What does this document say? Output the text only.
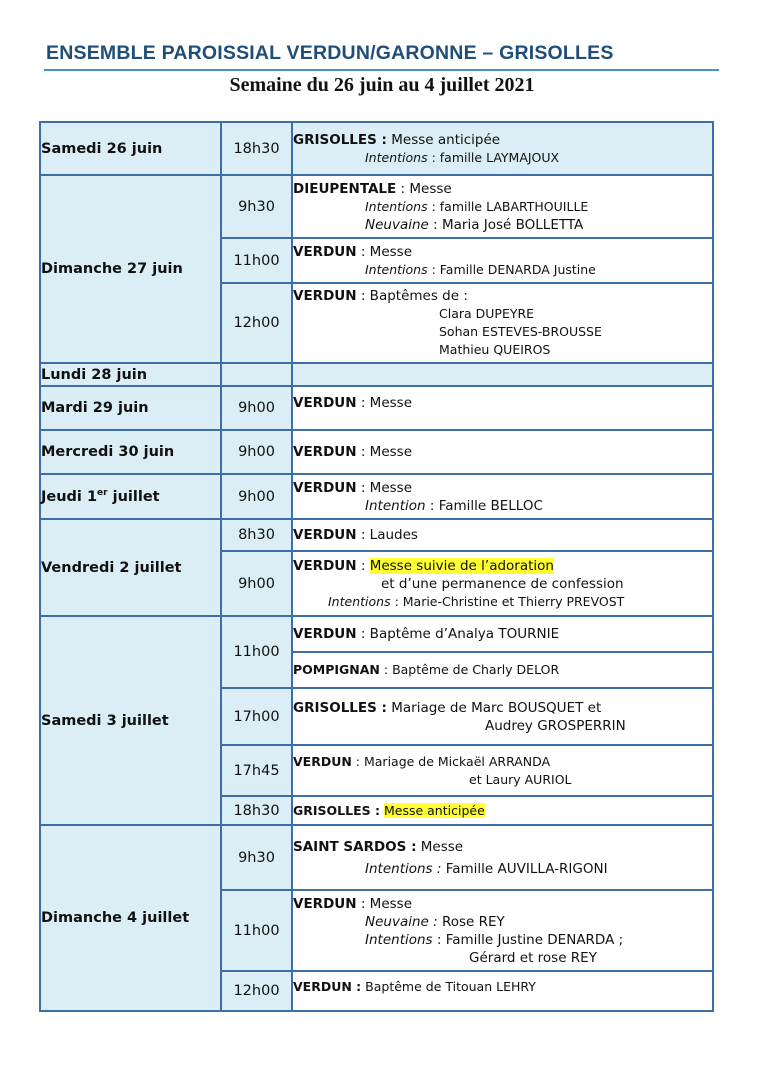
ENSEMBLE PAROISSIAL VERDUN/GARONNE – GRISOLLES
Semaine du 26 juin au 4 juillet 2021
Samedi 26 juin	18h30	GRISOLLES : Messe anticipée
Intentions : famille LAYMAJOUX

Dimanche 27 juin	9h30	DIEUPENTALE : Messe
Intentions : famille LABARTHOUILLE
Neuvaine : Maria José BOLLETTA

	11h00	VERDUN : Messe
Intentions : Famille DENARDA Justine

	12h00	VERDUN : Baptêmes de :
Clara DUPEYRE
Sohan ESTEVES-BROUSSE
Mathieu QUEIROS

Lundi 28 juin		
Mardi 29 juin	9h00	VERDUN : Messe

Mercredi 30 juin	9h00	VERDUN : Messe

Jeudi 1er juillet	9h00	VERDUN : Messe
Intention : Famille BELLOC

Vendredi 2 juillet	8h30	VERDUN : Laudes

	9h00	VERDUN : Messe suivie de l’adoration
et d’une permanence de confession
Intentions : Marie-Christine et Thierry PREVOST

Samedi 3 juillet	11h00	VERDUN : Baptême d’Analya TOURNIE

		POMPIGNAN : Baptême de Charly DELOR

	17h00	GRISOLLES : Mariage de Marc BOUSQUET et
Audrey GROSPERRIN

	17h45	VERDUN : Mariage de Mickaël ARRANDA
et Laury AURIOL

	18h30	GRISOLLES : Messe anticipée

Dimanche 4 juillet	9h30	SAINT SARDOS : Messe
Intentions : Famille AUVILLA-RIGONI

	11h00	VERDUN : Messe
Neuvaine : Rose REY
Intentions : Famille Justine DENARDA ;
Gérard et rose REY

	12h00	VERDUN : Baptême de Titouan LEHRY
